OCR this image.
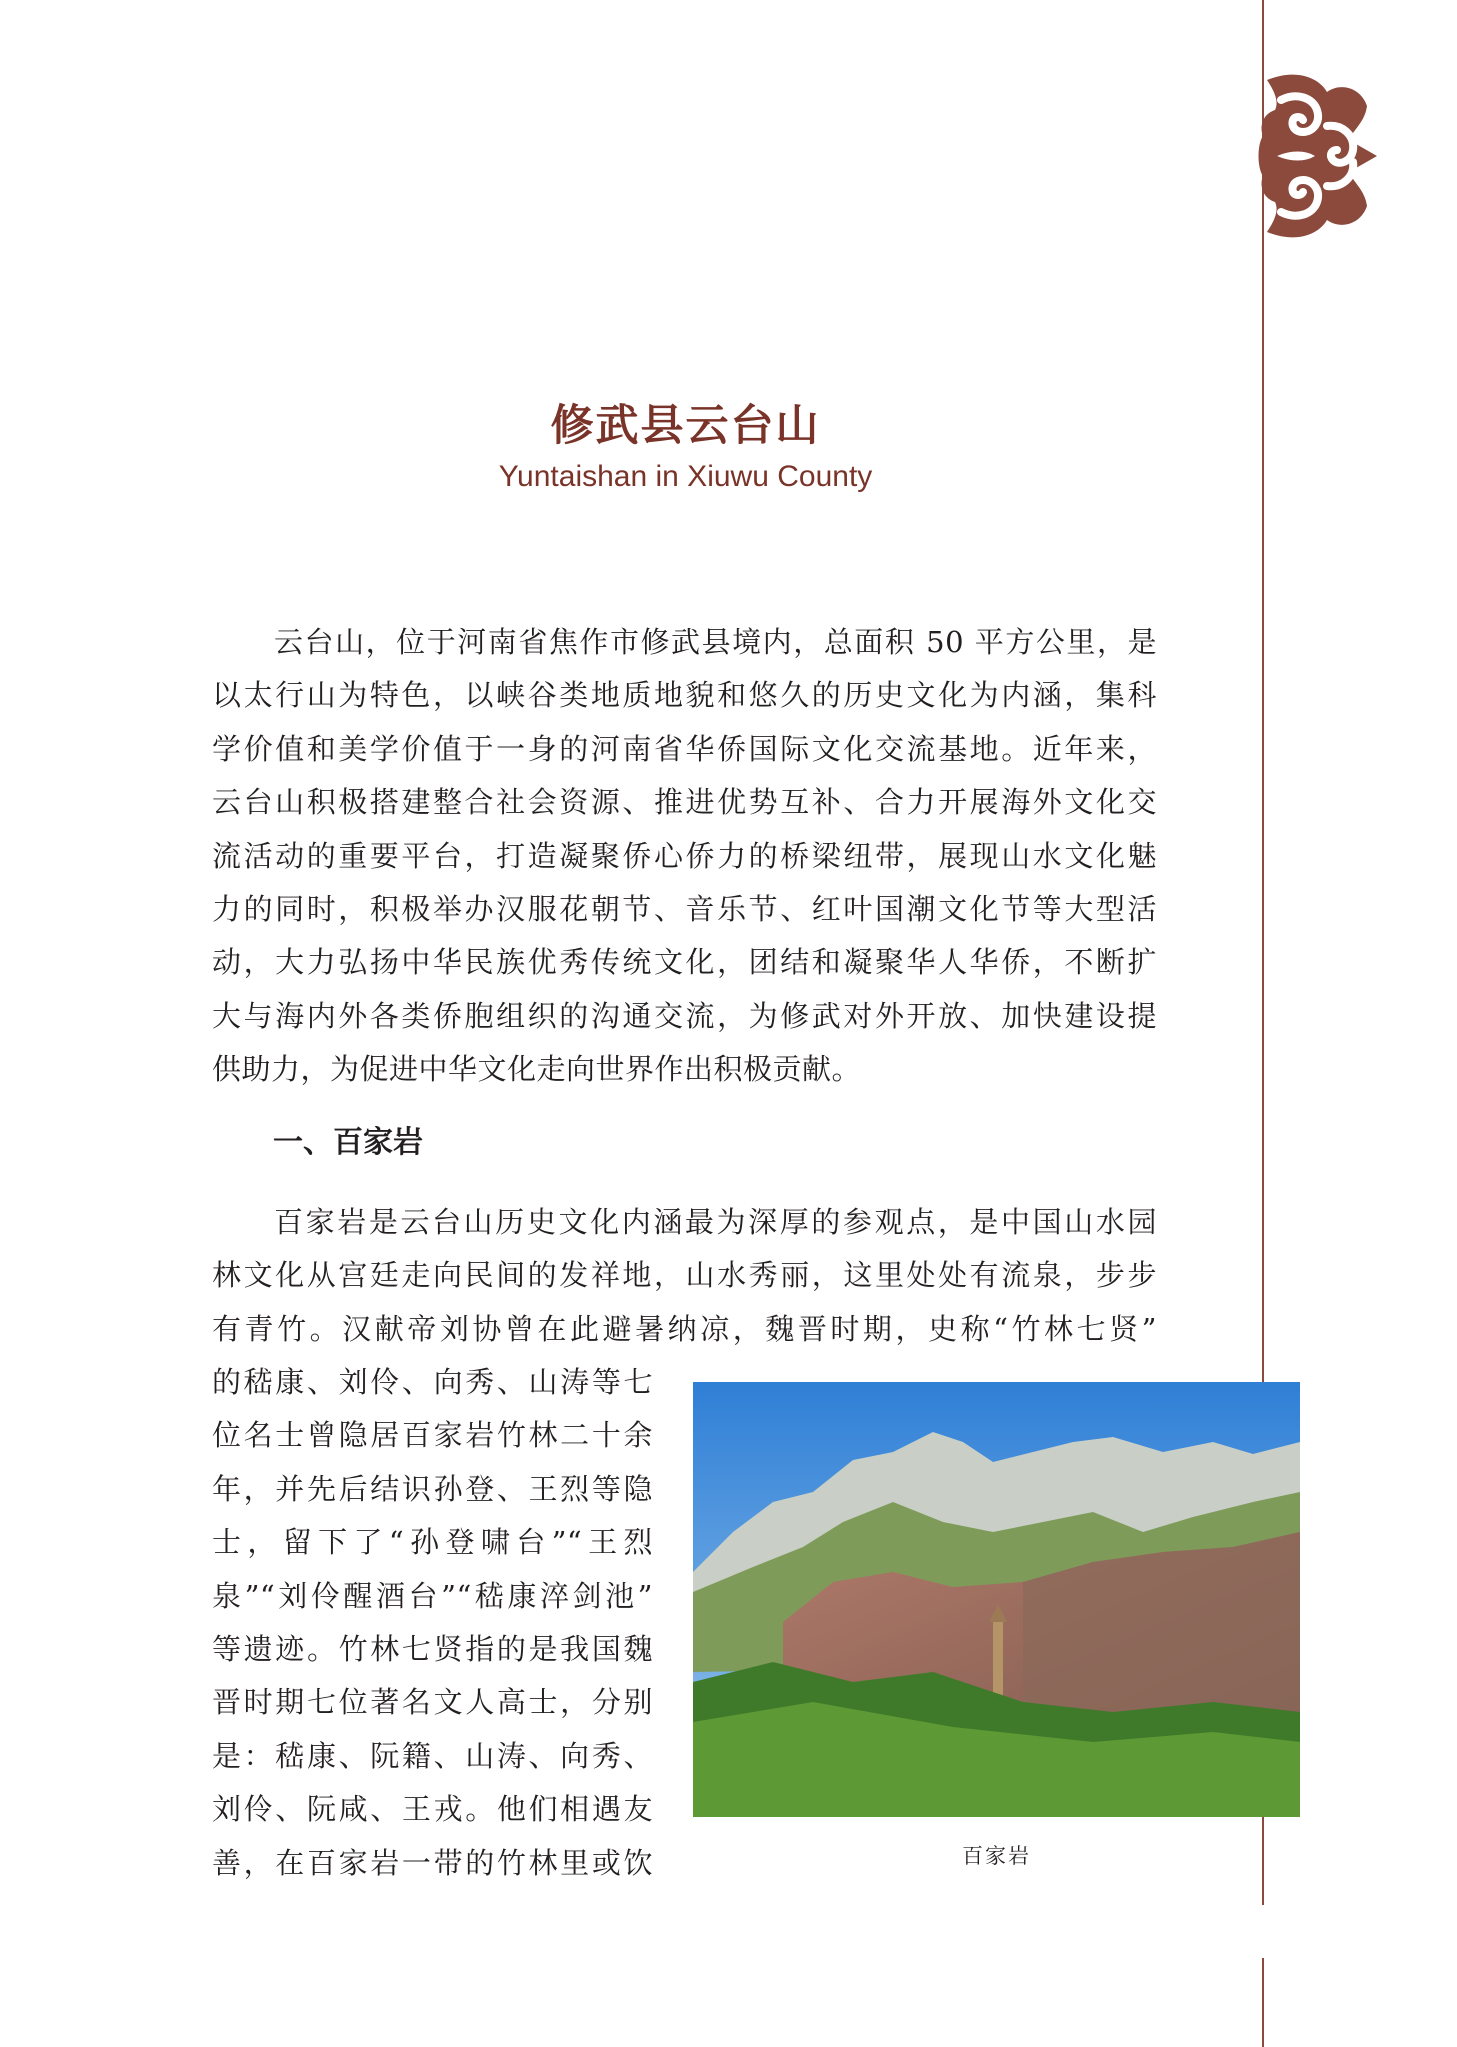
修武县云台山
Yuntaishan in Xiuwu County
云台山，位于河南省焦作市修武县境内，总面积 50 平方公里，是
以太行山为特色，以峡谷类地质地貌和悠久的历史文化为内涵，集科
学价值和美学价值于一身的河南省华侨国际文化交流基地。近年来，
云台山积极搭建整合社会资源、推进优势互补、合力开展海外文化交
流活动的重要平台，打造凝聚侨心侨力的桥梁纽带，展现山水文化魅
力的同时，积极举办汉服花朝节、音乐节、红叶国潮文化节等大型活
动，大力弘扬中华民族优秀传统文化，团结和凝聚华人华侨，不断扩
大与海内外各类侨胞组织的沟通交流，为修武对外开放、加快建设提
供助力，为促进中华文化走向世界作出积极贡献。
一、百家岩
百家岩是云台山历史文化内涵最为深厚的参观点，是中国山水园
林文化从宫廷走向民间的发祥地，山水秀丽，这里处处有流泉，步步
有青竹。汉献帝刘协曾在此避暑纳凉，魏晋时期，史称“竹林七贤”
的嵇康、刘伶、向秀、山涛等七
位名士曾隐居百家岩竹林二十余
年，并先后结识孙登、王烈等隐
士，留下了“孙登啸台”“王烈
泉”“刘伶醒酒台”“嵇康淬剑池”
等遗迹。竹林七贤指的是我国魏
晋时期七位著名文人高士，分别
是：嵇康、阮籍、山涛、向秀、
刘伶、阮咸、王戎。他们相遇友
善，在百家岩一带的竹林里或饮	百家岩
